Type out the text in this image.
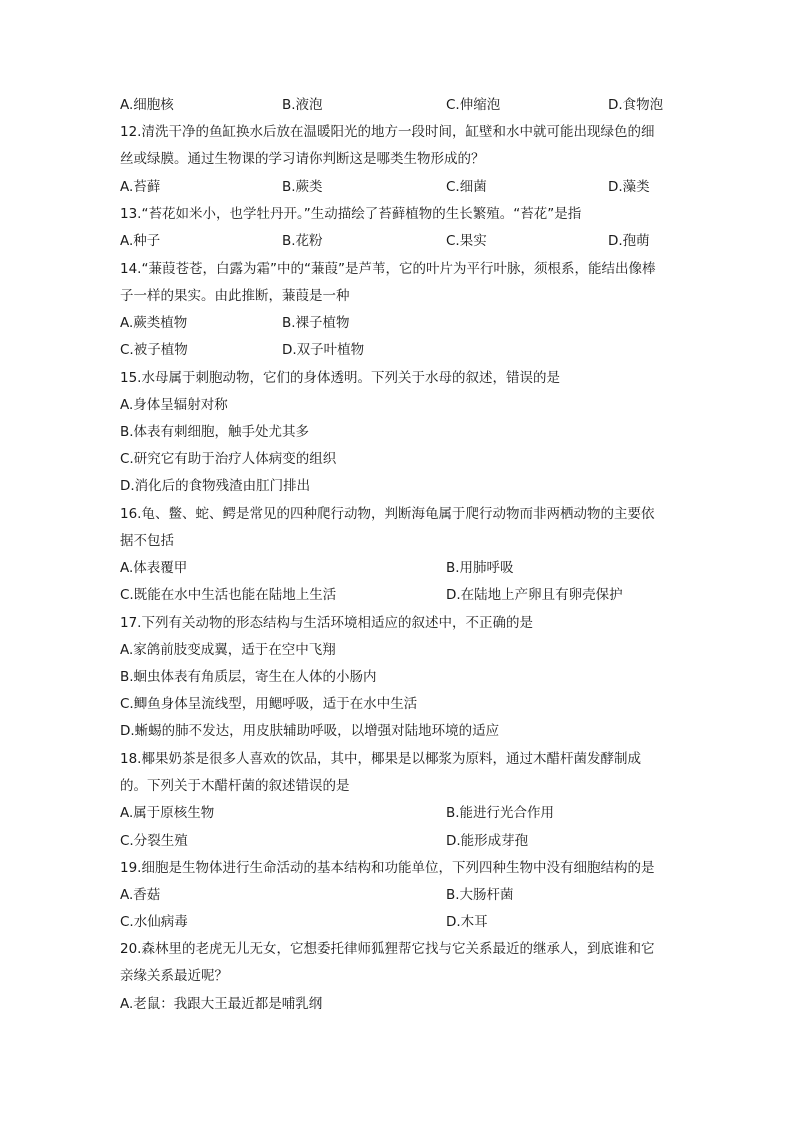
A.细胞核	B.液泡	C.伸缩泡	D.食物泡
12.清洗干净的鱼缸换水后放在温暖阳光的地方一段时间，缸壁和水中就可能出现绿色的细
丝或绿膜。通过生物课的学习请你判断这是哪类生物形成的？
A.苔藓	B.蕨类	C.细菌	D.藻类
13.“苔花如米小，也学牡丹开。”生动描绘了苔藓植物的生长繁殖。“苔花”是指
A.种子	B.花粉	C.果实	D.孢萌
14.“蒹葭苍苍，白露为霜”中的“蒹葭”是芦苇，它的叶片为平行叶脉，须根系，能结出像棒
子一样的果实。由此推断，蒹葭是一种
A.蕨类植物	B.裸子植物
C.被子植物	D.双子叶植物
15.水母属于刺胞动物，它们的身体透明。下列关于水母的叙述，错误的是
A.身体呈辐射对称
B.体表有刺细胞，触手处尤其多
C.研究它有助于治疗人体病变的组织
D.消化后的食物残渣由肛门排出
16.龟、鳖、蛇、鳄是常见的四种爬行动物，判断海龟属于爬行动物而非两栖动物的主要依
据不包括
A.体表覆甲	B.用肺呼吸
C.既能在水中生活也能在陆地上生活	D.在陆地上产卵且有卵壳保护
17.下列有关动物的形态结构与生活环境相适应的叙述中，不正确的是
A.家鸽前肢变成翼，适于在空中飞翔
B.蛔虫体表有角质层，寄生在人体的小肠内
C.鲫鱼身体呈流线型，用鳃呼吸，适于在水中生活
D.蜥蜴的肺不发达，用皮肤辅助呼吸，以增强对陆地环境的适应
18.椰果奶茶是很多人喜欢的饮品，其中，椰果是以椰浆为原料，通过木醋杆菌发酵制成
的。下列关于木醋杆菌的叙述错误的是
A.属于原核生物	B.能进行光合作用
C.分裂生殖	D.能形成芽孢
19.细胞是生物体进行生命活动的基本结构和功能单位，下列四种生物中没有细胞结构的是
A.香菇	B.大肠杆菌
C.水仙病毒	D.木耳
20.森林里的老虎无儿无女，它想委托律师狐狸帮它找与它关系最近的继承人，到底谁和它
亲缘关系最近呢？
A.老鼠：我跟大王最近都是哺乳纲
